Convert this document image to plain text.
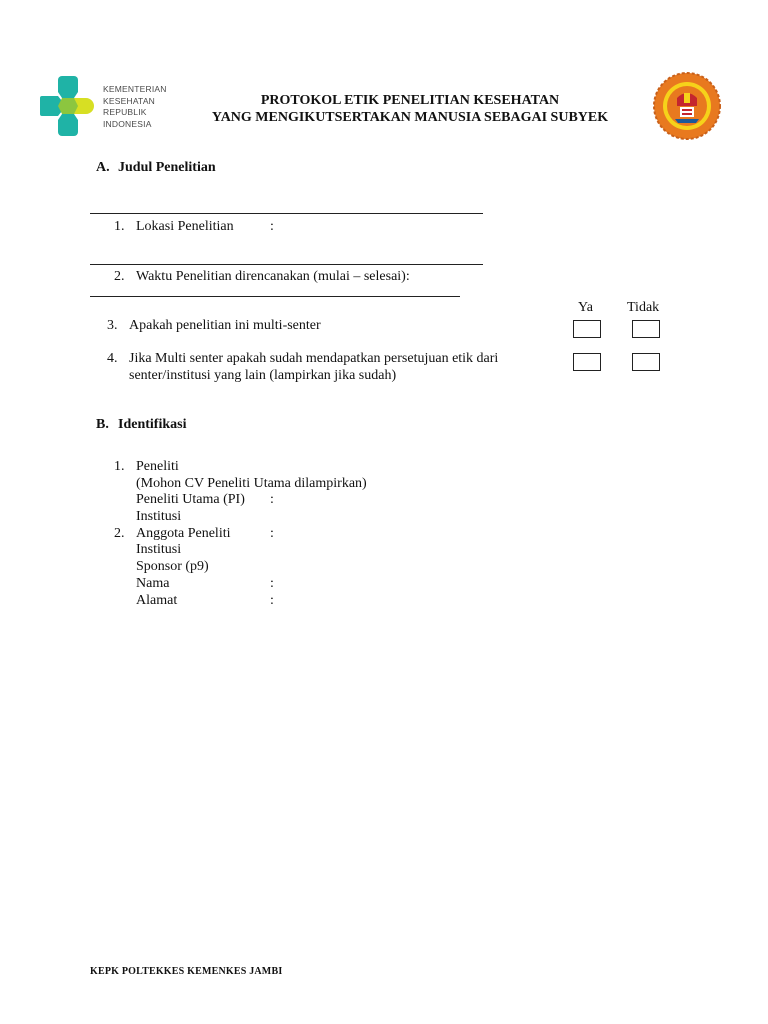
KEMENTERIAN
KESEHATAN
REPUBLIK
INDONESIA
PROTOKOL ETIK PENELITIAN KESEHATAN
YANG MENGIKUTSERTAKAN MANUSIA SEBAGAI SUBYEK
A. Judul Penelitian
1. Lokasi Penelitian	:
2. Waktu Penelitian direncanakan (mulai – selesai):
Ya Tidak
3. Apakah penelitian ini multi-senter
4. Jika Multi senter apakah sudah mendapatkan persetujuan etik dari
senter/institusi yang lain (lampirkan jika sudah)
B. Identifikasi
1. Peneliti
(Mohon CV Peneliti Utama dilampirkan)
Peneliti Utama (PI) :
Institusi
2. Anggota Peneliti	:
Institusi
Sponsor (p9)
Nama	:
Alamat	:
KEPK POLTEKKES KEMENKES JAMBI
